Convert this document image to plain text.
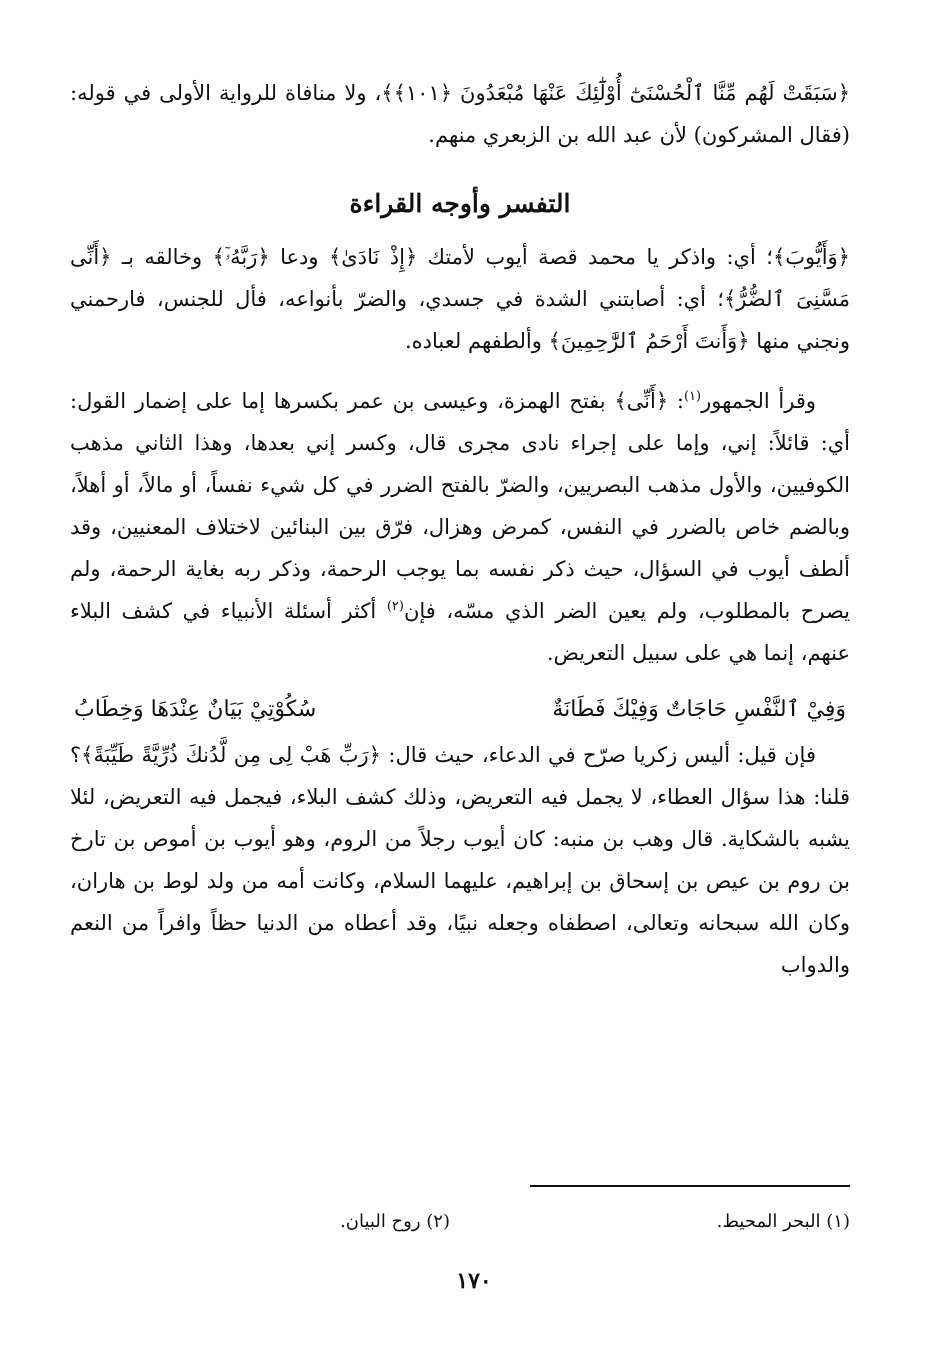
﴿سَبَقَتْ لَهُم مِّنَّا ٱلْحُسْنَىٰٓ أُوْلَٰٓئِكَ عَنْهَا مُبْعَدُونَ ﴿١٠١﴾﴾، ولا منافاة للرواية الأولى في قوله: (فقال المشركون) لأن عبد الله بن الزبعري منهم.

التفسر وأوجه القراءة

﴿وَأَيُّوبَ﴾؛ أي: واذكر يا محمد قصة أيوب لأمتك ﴿إِذْ نَادَىٰ﴾ ودعا ﴿رَبَّهُۥٓ﴾ وخالقه بـ ﴿أَنِّى مَسَّنِىَ ٱلضُّرُّ﴾؛ أي: أصابتني الشدة في جسدي، والضرّ بأنواعه، فأل للجنس، فارحمني ونجني منها ﴿وَأَنتَ أَرْحَمُ ٱلرَّٰحِمِينَ﴾ وألطفهم لعباده.

وقرأ الجمهور$^{(١)}$: ﴿أَنِّى﴾ بفتح الهمزة، وعيسى بن عمر بكسرها إما على إضمار القول: أي: قائلاً: إني، وإما على إجراء نادى مجرى قال، وكسر إني بعدها، وهذا الثاني مذهب الكوفيين، والأول مذهب البصريين، والضرّ بالفتح الضرر في كل شيء نفساً، أو مالاً، أو أهلاً، وبالضم خاص بالضرر في النفس، كمرض وهزال، فرّق بين البنائين لاختلاف المعنيين، وقد ألطف أيوب في السؤال، حيث ذكر نفسه بما يوجب الرحمة، وذكر ربه بغاية الرحمة، ولم يصرح بالمطلوب، ولم يعين الضر الذي مسّه، فإن$^{(٢)}$ أكثر أسئلة الأنبياء في كشف البلاء عنهم، إنما هي على سبيل التعريض.

وَفِيْ ٱلنَّفْسِ حَاجَاتٌ وَفِيْكَ فَطَانَةٌ
سُكُوْتِيْ بَيَانٌ عِنْدَهَا وَخِطَابُ

فإن قيل: أليس زكريا صرّح في الدعاء، حيث قال: ﴿رَبِّ هَبْ لِى مِن لَّدُنكَ ذُرِّيَّةً طَيِّبَةً﴾؟ قلنا: هذا سؤال العطاء، لا يجمل فيه التعريض، وذلك كشف البلاء، فيجمل فيه التعريض، لئلا يشبه بالشكاية. قال وهب بن منبه: كان أيوب رجلاً من الروم، وهو أيوب بن أموص بن تارخ بن روم بن عيص بن إسحاق بن إبراهيم، عليهما السلام، وكانت أمه من ولد لوط بن هاران، وكان الله سبحانه وتعالى، اصطفاه وجعله نبيًا، وقد أعطاه من الدنيا حظاً وافراً من النعم والدواب

(١) البحر المحيط.
(٢) روح البيان.
١٧٠
